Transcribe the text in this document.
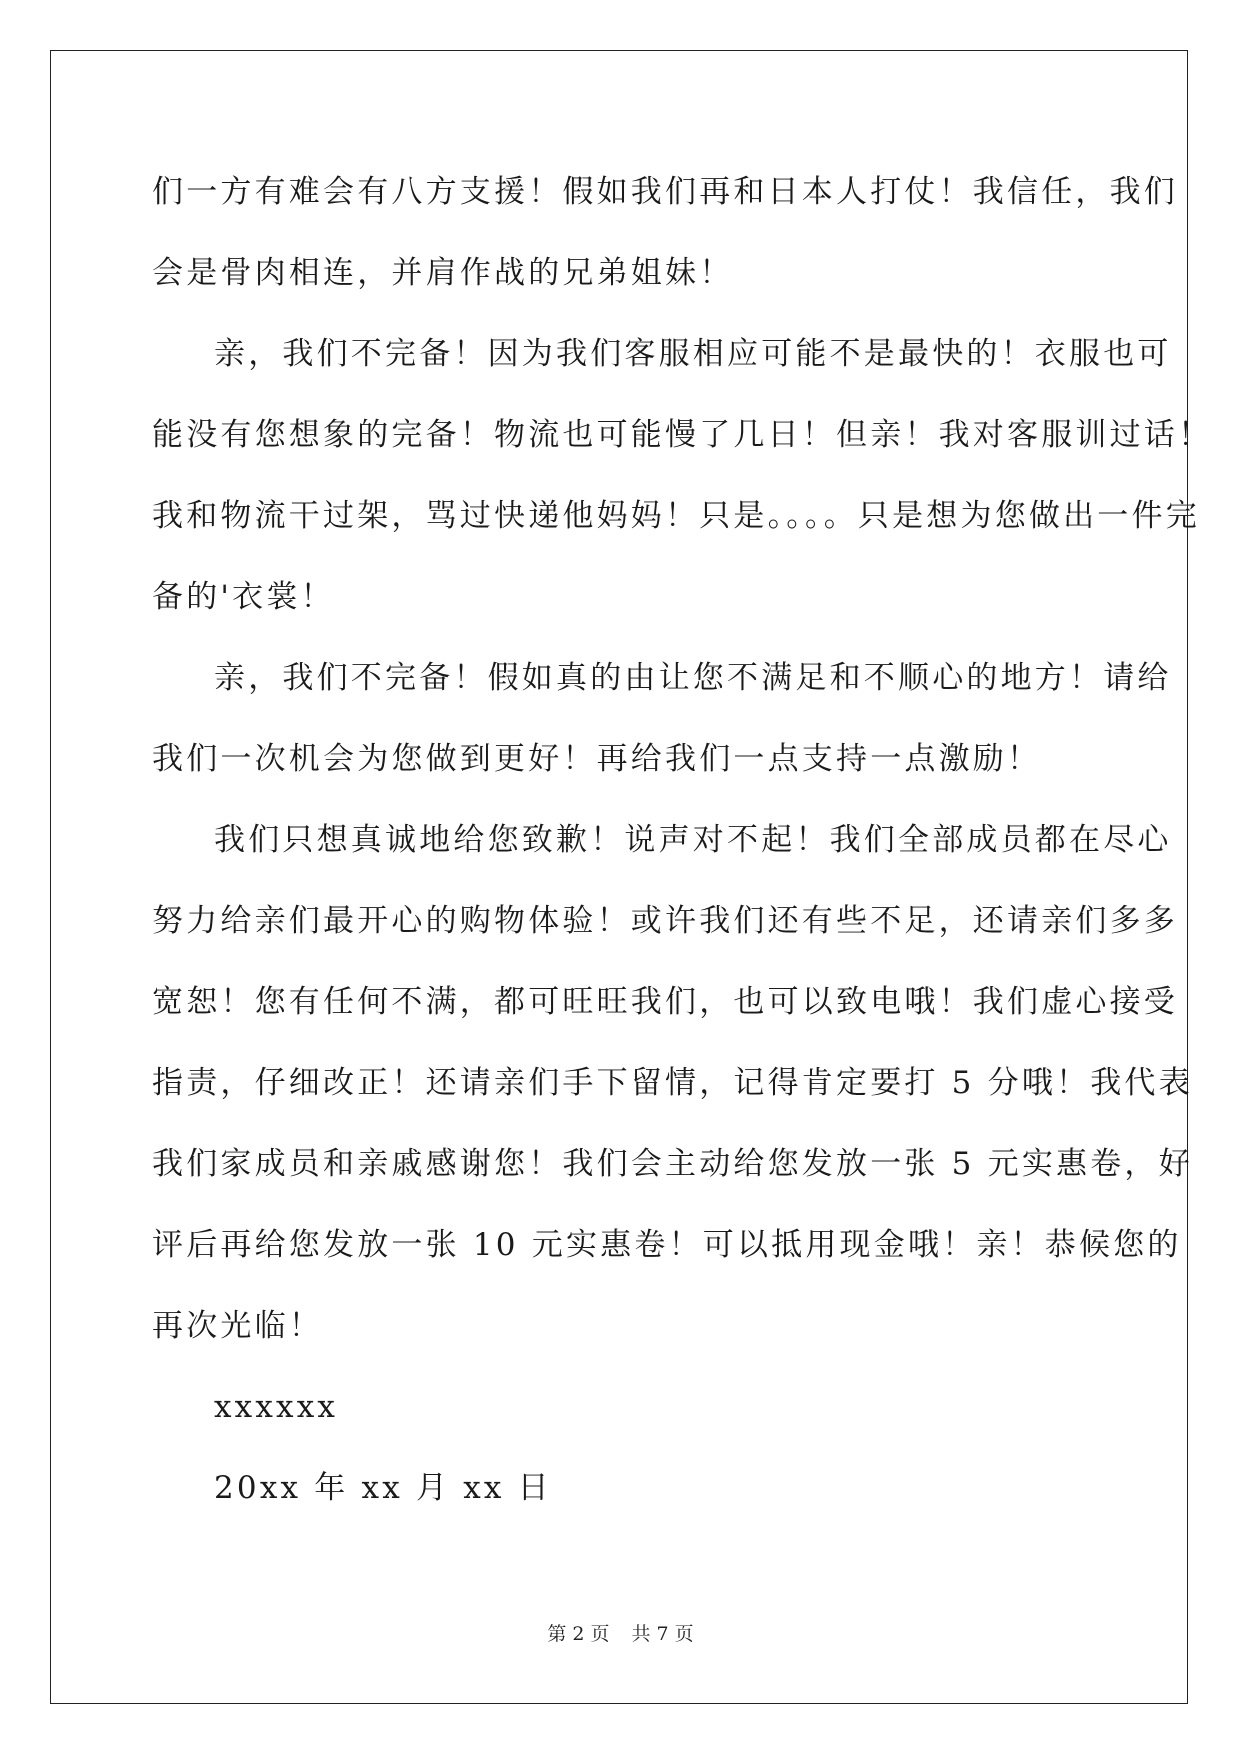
们一方有难会有八方支援！假如我们再和日本人打仗！我信任，我们
会是骨肉相连，并肩作战的兄弟姐妹！
亲，我们不完备！因为我们客服相应可能不是最快的！衣服也可
能没有您想象的完备！物流也可能慢了几日！但亲！我对客服训过话！
我和物流干过架，骂过快递他妈妈！只是。。。。只是想为您做出一件完
备的'衣裳！
亲，我们不完备！假如真的由让您不满足和不顺心的地方！请给
我们一次机会为您做到更好！再给我们一点支持一点激励！
我们只想真诚地给您致歉！说声对不起！我们全部成员都在尽心
努力给亲们最开心的购物体验！或许我们还有些不足，还请亲们多多
宽恕！您有任何不满，都可旺旺我们，也可以致电哦！我们虚心接受
指责，仔细改正！还请亲们手下留情，记得肯定要打 5 分哦！我代表
我们家成员和亲戚感谢您！我们会主动给您发放一张 5 元实惠卷，好
评后再给您发放一张 10 元实惠卷！可以抵用现金哦！亲！恭候您的
再次光临！
xxxxxx
20xx 年 xx 月 xx 日
第 2 页 共 7 页
